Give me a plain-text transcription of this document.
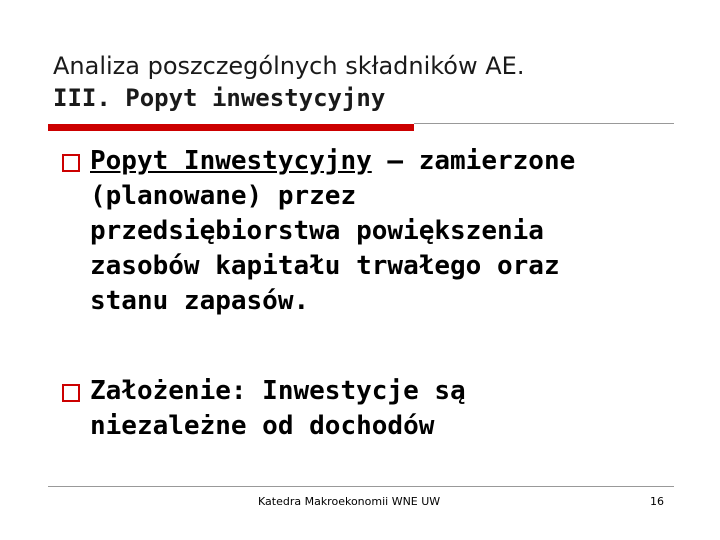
Analiza poszczególnych składników AE.
III. Popyt inwestycyjny
Popyt Inwestycyjny – zamierzone
(planowane) przez
przedsiębiorstwa powiększenia
zasobów kapitału trwałego oraz
stanu zapasów.
Założenie: Inwestycje są
niezależne od dochodów
Katedra Makroekonomii WNE UW	16
